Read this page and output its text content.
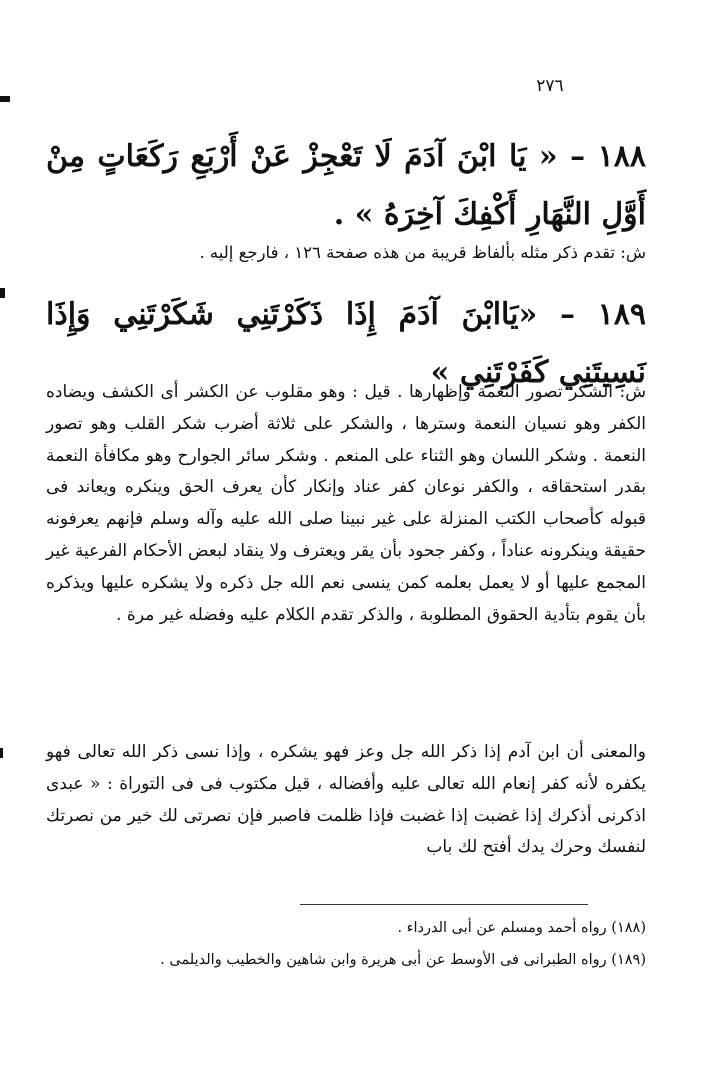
٢٧٦
١٨٨ – « يَا ابْنَ آدَمَ لَا تَعْجِزْ عَنْ أَرْبَعِ رَكَعَاتٍ مِنْ أَوَّلِ النَّهَارِ أَكْفِكَ آخِرَهُ » .
ش: تقدم ذكر مثله بألفاظ قريبة من هذه صفحة ١٢٦ ، فارجع إليه .
١٨٩ – «يَاابْنَ آدَمَ إِذَا ذَكَرْتَنِي شَكَرْتَنِي وَإِذَا نَسِيتَنِي كَفَرْتَنِي »
ش: الشكر تصور النعمة وإظهارها . قيل : وهو مقلوب عن الكشر أى الكشف ويضاده الكفر وهو نسيان النعمة وسترها ، والشكر على ثلاثة أضرب شكر القلب وهو تصور النعمة . وشكر اللسان وهو الثناء على المنعم . وشكر سائر الجوارح وهو مكافأة النعمة بقدر استحقاقه ، والكفر نوعان كفر عناد وإنكار كأن يعرف الحق وينكره ويعاند فى قبوله كأصحاب الكتب المنزلة على غير نبينا صلى الله عليه وآله وسلم فإنهم يعرفونه حقيقة وينكرونه عناداً ، وكفر جحود بأن يقر ويعترف ولا ينقاد لبعض الأحكام الفرعية غير المجمع عليها أو لا يعمل بعلمه كمن ينسى نعم الله جل ذكره ولا يشكره عليها ويذكره بأن يقوم بتأدية الحقوق المطلوبة ، والذكر تقدم الكلام عليه وفضله غير مرة .
والمعنى أن ابن آدم إذا ذكر الله جل وعز فهو يشكره ، وإذا نسى ذكر الله تعالى فهو يكفره لأنه كفر إنعام الله تعالى عليه وأفضاله ، قيل مكتوب فى فى التوراة : « عبدى اذكرنى أذكرك إذا غضبت إذا غضبت فإذا ظلمت فاصبر فإن نصرتى لك خير من نصرتك لنفسك وحرك يدك أفتح لك باب
(١٨٨) رواه أحمد ومسلم عن أبى الدرداء .
(١٨٩) رواه الطبرانى فى الأوسط عن أبى هريرة وابن شاهين والخطيب والديلمى .
